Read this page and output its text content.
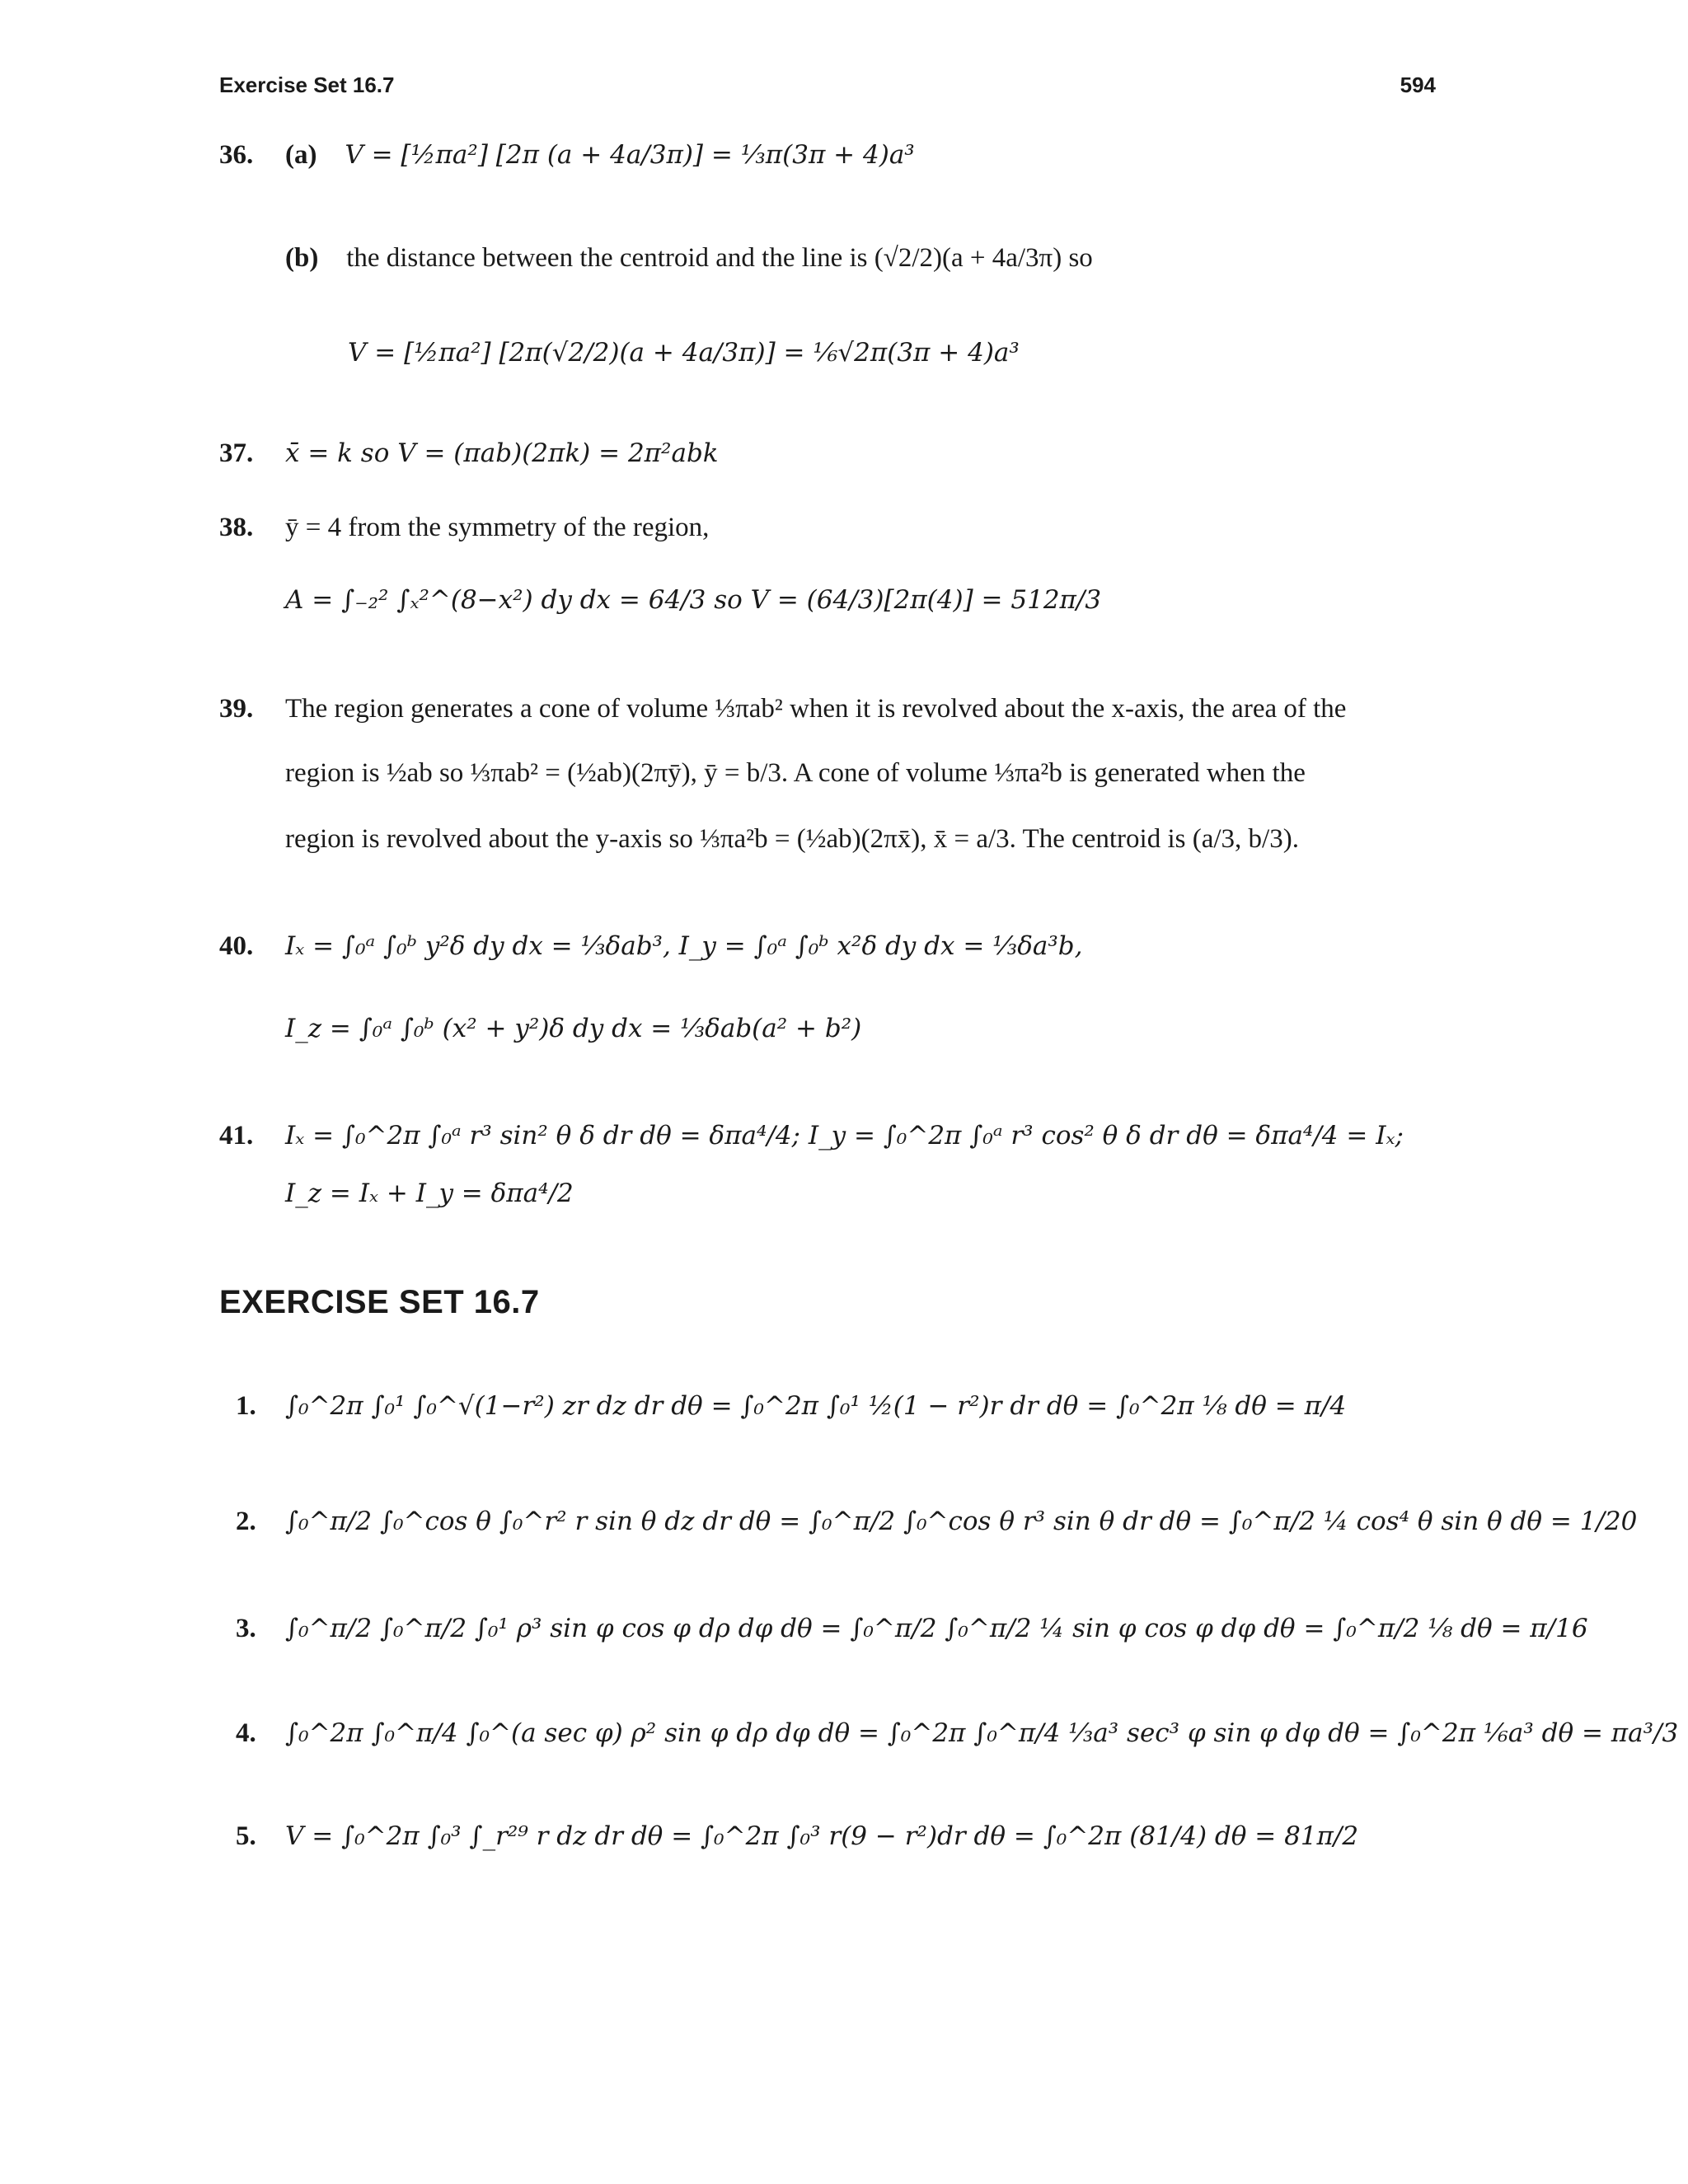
Exercise Set 16.7	594
36. (a) V = [½πa²] [2π (a + 4a/3π)] = ⅓π(3π + 4)a³
(b) the distance between the centroid and the line is (√2/2)(a + 4a/3π) so
V = [½πa²] [2π(√2/2)(a + 4a/3π)] = ⅙√2π(3π + 4)a³
37. x̄ = k so V = (πab)(2πk) = 2π²abk
38. ȳ = 4 from the symmetry of the region,
A = ∫₋₂² ∫ₓ²^(8−x²) dy dx = 64/3 so V = (64/3)[2π(4)] = 512π/3
39. The region generates a cone of volume ⅓πab² when it is revolved about the x-axis, the area of the
region is ½ab so ⅓πab² = (½ab)(2πȳ), ȳ = b/3. A cone of volume ⅓πa²b is generated when the
region is revolved about the y-axis so ⅓πa²b = (½ab)(2πx̄), x̄ = a/3. The centroid is (a/3, b/3).
40. Iₓ = ∫₀ᵃ ∫₀ᵇ y²δ dy dx = ⅓δab³, I_y = ∫₀ᵃ ∫₀ᵇ x²δ dy dx = ⅓δa³b,
I_z = ∫₀ᵃ ∫₀ᵇ (x² + y²)δ dy dx = ⅓δab(a² + b²)
41. Iₓ = ∫₀^2π ∫₀ᵃ r³ sin² θ δ dr dθ = δπa⁴/4; I_y = ∫₀^2π ∫₀ᵃ r³ cos² θ δ dr dθ = δπa⁴/4 = Iₓ;
I_z = Iₓ + I_y = δπa⁴/2
EXERCISE SET 16.7
1. ∫₀^2π ∫₀¹ ∫₀^√(1−r²) zr dz dr dθ = ∫₀^2π ∫₀¹ ½(1 − r²)r dr dθ = ∫₀^2π ⅛ dθ = π/4
2. ∫₀^π/2 ∫₀^cos θ ∫₀^r² r sin θ dz dr dθ = ∫₀^π/2 ∫₀^cos θ r³ sin θ dr dθ = ∫₀^π/2 ¼ cos⁴ θ sin θ dθ = 1/20
3. ∫₀^π/2 ∫₀^π/2 ∫₀¹ ρ³ sin φ cos φ dρ dφ dθ = ∫₀^π/2 ∫₀^π/2 ¼ sin φ cos φ dφ dθ = ∫₀^π/2 ⅛ dθ = π/16
4. ∫₀^2π ∫₀^π/4 ∫₀^(a sec φ) ρ² sin φ dρ dφ dθ = ∫₀^2π ∫₀^π/4 ⅓a³ sec³ φ sin φ dφ dθ = ∫₀^2π ⅙a³ dθ = πa³/3
5. V = ∫₀^2π ∫₀³ ∫_r²⁹ r dz dr dθ = ∫₀^2π ∫₀³ r(9 − r²)dr dθ = ∫₀^2π (81/4) dθ = 81π/2
